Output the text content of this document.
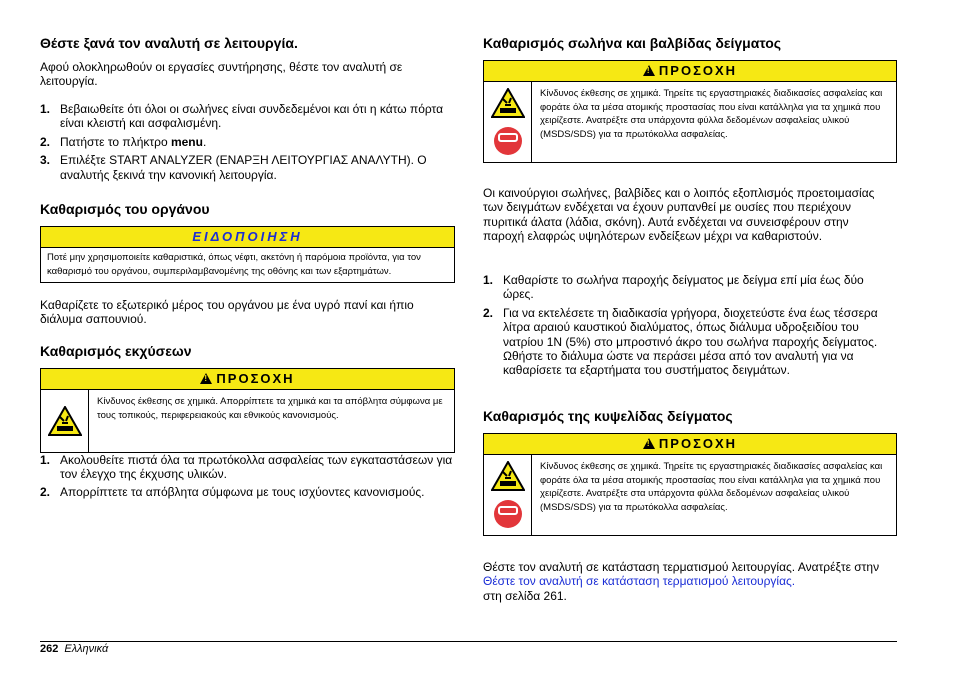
Θέστε ξανά τον αναλυτή σε λειτουργία.

Αφού ολοκληρωθούν οι εργασίες συντήρησης, θέστε τον αναλυτή σε λειτουργία.

1. Βεβαιωθείτε ότι όλοι οι σωλήνες είναι συνδεδεμένοι και ότι η κάτω πόρτα είναι κλειστή και ασφαλισμένη.
2. Πατήστε το πλήκτρο menu.
3. Επιλέξτε START ANALYZER (ΕΝΑΡΞΗ ΛΕΙΤΟΥΡΓΙΑΣ ΑΝΑΛΥΤΗ). Ο αναλυτής ξεκινά την κανονική λειτουργία.
Καθαρισμός του οργάνου
ΕΙΔΟΠΟΙΗΣΗ
Ποτέ μην χρησιμοποιείτε καθαριστικά, όπως νέφτι, ακετόνη ή παρόμοια προϊόντα, για τον καθαρισμό του οργάνου, συμπεριλαμβανομένης της οθόνης και των εξαρτημάτων.

Καθαρίζετε το εξωτερικό μέρος του οργάνου με ένα υγρό πανί και ήπιο διάλυμα σαπουνιού.

Καθαρισμός εκχύσεων
!ΠΡΟΣΟΧΗ
Κίνδυνος έκθεσης σε χημικά. Απορρίπτετε τα χημικά και τα απόβλητα σύμφωνα με τους τοπικούς, περιφερειακούς και εθνικούς κανονισμούς.
1. Ακολουθείτε πιστά όλα τα πρωτόκολλα ασφαλείας των εγκαταστάσεων για τον έλεγχο της έκχυσης υλικών.
2. Απορρίπτετε τα απόβλητα σύμφωνα με τους ισχύοντες κανονισμούς.
Καθαρισμός σωλήνα και βαλβίδας δείγματος
!ΠΡΟΣΟΧΗ
Κίνδυνος έκθεσης σε χημικά. Τηρείτε τις εργαστηριακές διαδικασίες ασφαλείας και φοράτε όλα τα μέσα ατομικής προστασίας που είναι κατάλληλα για τα χημικά που χειρίζεστε. Ανατρέξτε στα υπάρχοντα φύλλα δεδομένων ασφαλείας υλικού (MSDS/SDS) για τα πρωτόκολλα ασφαλείας.

Οι καινούργιοι σωλήνες, βαλβίδες και ο λοιπός εξοπλισμός προετοιμασίας των δειγμάτων ενδέχεται να έχουν ρυπανθεί με ουσίες που περιέχουν πυριτικά άλατα (λάδια, σκόνη). Αυτά ενδέχεται να συνεισφέρουν στην παροχή ελαφρώς υψηλότερων ενδείξεων μέχρι να καθαριστούν.

1. Καθαρίστε το σωλήνα παροχής δείγματος με δείγμα επί μία έως δύο ώρες.
2. Για να εκτελέσετε τη διαδικασία γρήγορα, διοχετεύστε ένα έως τέσσερα λίτρα αραιού καυστικού διαλύματος, όπως διάλυμα υδροξειδίου του νατρίου 1N (5%) στο μπροστινό άκρο του σωλήνα παροχής δείγματος. Ωθήστε το διάλυμα ώστε να περάσει μέσα από τον αναλυτή για να καθαρίσετε τα εξαρτήματα του συστήματος δειγμάτων.
Καθαρισμός της κυψελίδας δείγματος
!ΠΡΟΣΟΧΗ
Κίνδυνος έκθεσης σε χημικά. Τηρείτε τις εργαστηριακές διαδικασίες ασφαλείας και φοράτε όλα τα μέσα ατομικής προστασίας που είναι κατάλληλα για τα χημικά που χειρίζεστε. Ανατρέξτε στα υπάρχοντα φύλλα δεδομένων ασφαλείας υλικού (MSDS/SDS) για τα πρωτόκολλα ασφαλείας.

Θέστε τον αναλυτή σε κατάσταση τερματισμού λειτουργίας. Ανατρέξτε στην Θέστε τον αναλυτή σε κατάσταση τερματισμού λειτουργίας.
στη σελίδα 261.

262 Ελληνικά
